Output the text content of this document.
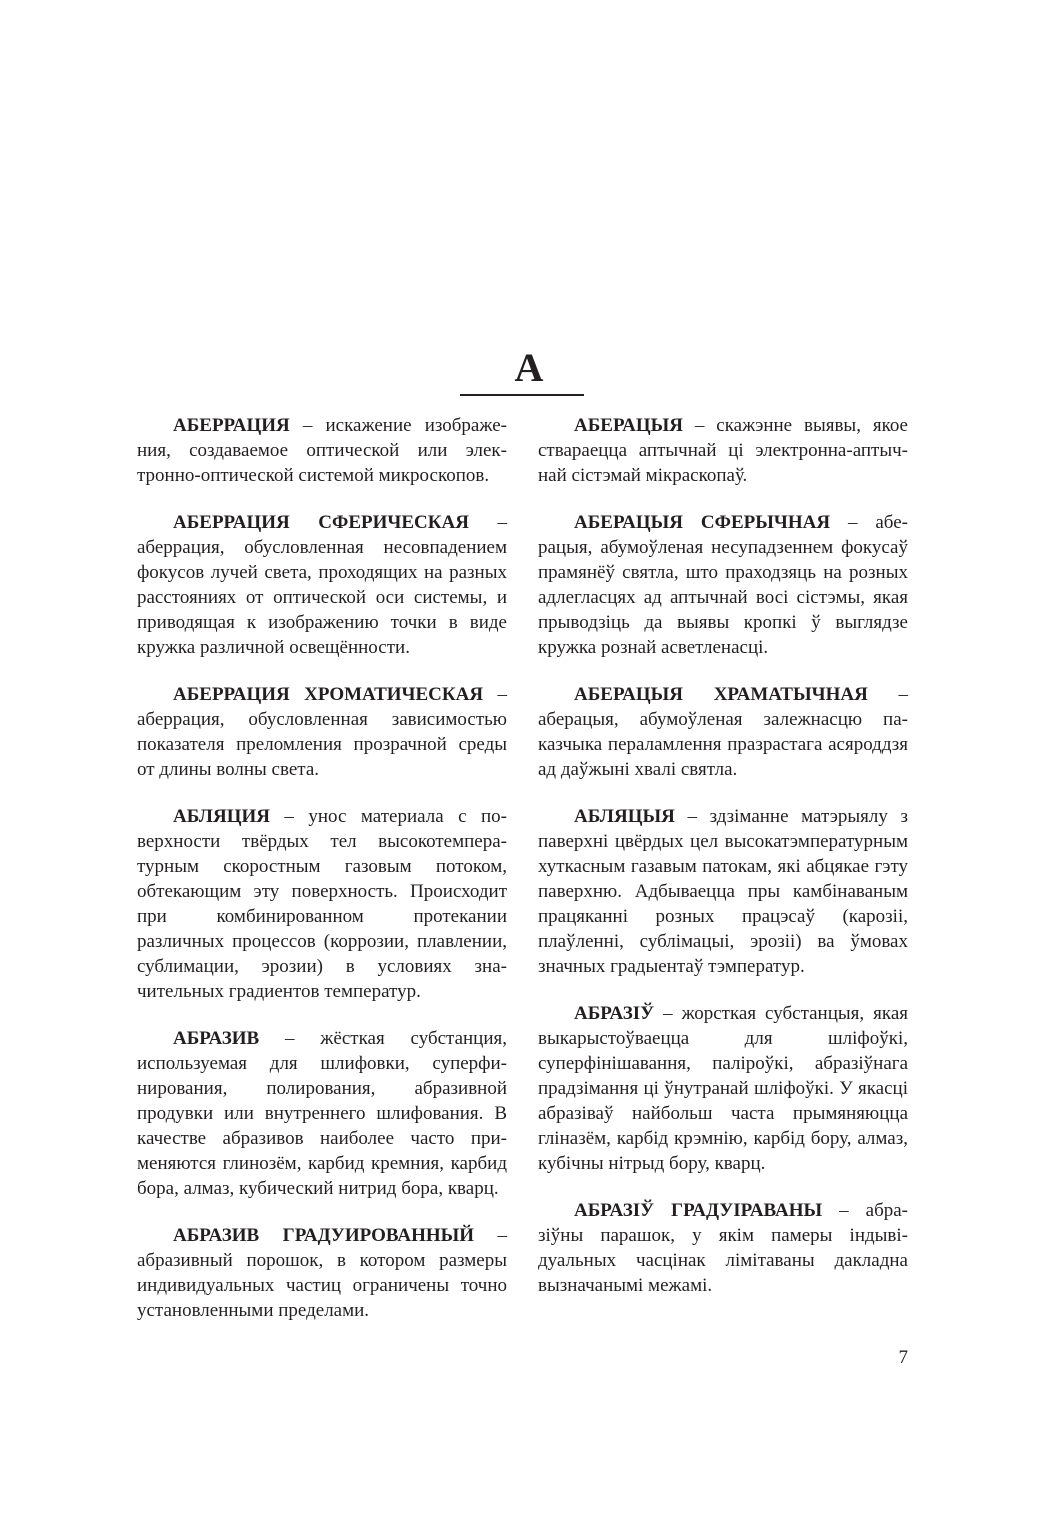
А

АБЕРРАЦИЯ – искажение изображения, создаваемое оптической или электронно-оптической системой микроскопов.

АБЕРРАЦИЯ СФЕРИЧЕСКАЯ – аберрация, обусловленная несовпадением фокусов лучей света, проходящих на разных расстояниях от оптической оси системы, и приводящая к изображению точки в виде кружка различной освещённости.

АБЕРРАЦИЯ ХРОМАТИЧЕСКАЯ – аберрация, обусловленная зависимостью показателя преломления прозрачной среды от длины волны света.

АБЛЯЦИЯ – унос материала с поверхности твёрдых тел высокотемпературным скоростным газовым потоком, обтекающим эту поверхность. Происходит при комбинированном протекании различных процессов (коррозии, плавлении, сублимации, эрозии) в условиях значительных градиентов температур.

АБРАЗИВ – жёсткая субстанция, используемая для шлифовки, суперфинирования, полирования, абразивной продувки или внутреннего шлифования. В качестве абразивов наиболее часто применяются глинозём, карбид кремния, карбид бора, алмаз, кубический нитрид бора, кварц.

АБРАЗИВ ГРАДУИРОВАННЫЙ – абразивный порошок, в котором размеры индивидуальных частиц ограничены точно установленными пределами.

АБЕРАЦЫЯ – скажэнне выявы, якое ствараецца аптычнай ці электронна-аптычнай сістэмай мікраскопаў.

АБЕРАЦЫЯ СФЕРЫЧНАЯ – аберацыя, абумоўленая несупадзеннем фокусаў прамянёў святла, што праходзяць на розных адлегласцях ад аптычнай восі сістэмы, якая прыводзіць да выявы кропкі ў выглядзе кружка рознай асветленасці.

АБЕРАЦЫЯ ХРАМАТЫЧНАЯ – аберацыя, абумоўленая залежнасцю паказчыка пераламлення празрастага асяроддзя ад даўжыні хвалі святла.

АБЛЯЦЫЯ – здзіманне матэрыялу з паверхні цвёрдых цел высокатэмпературным хуткасным газавым патокам, які абцякае гэту паверхню. Адбываецца пры камбінаваным працяканні розных працэсаў (карозіі, плаўленні, сублімацыі, эрозіі) ва ўмовах значных градыентаў тэмператур.

АБРАЗІЎ – жорсткая субстанцыя, якая выкарыстоўваецца для шліфоўкі, суперфінішавання, паліроўкі, абразіўнага прадзімання ці ўнутранай шліфоўкі. У якасці абразіваў найбольш часта прымяняюцца гліназём, карбід крэмнію, карбід бору, алмаз, кубічны нітрыд бору, кварц.

АБРАЗІЎ ГРАДУІРАВАНЫ – абразіўны парашок, у якім памеры індывідуальных часцінак лімітаваны дакладна вызначанымі межамі.

7
